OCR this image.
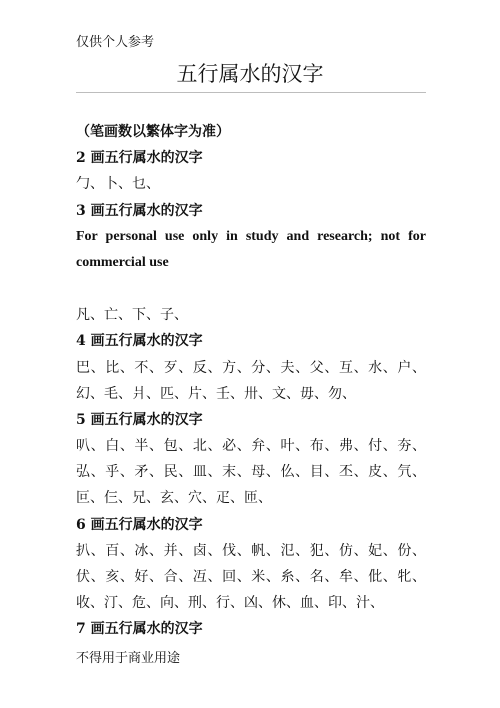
仅供个人参考
五行属水的汉字
（笔画数以繁体字为准）
2 画五行属水的汉字
勹、卜、乜、
3 画五行属水的汉字
For personal use only in study and research; not for
commercial use
凡、亡、下、子、
4 画五行属水的汉字
巴、比、不、歹、反、方、分、夫、父、互、水、户、
幻、毛、爿、匹、片、壬、卅、文、毋、勿、
5 画五行属水的汉字
叭、白、半、包、北、必、弁、叶、布、弗、付、夯、
弘、乎、矛、民、皿、末、母、仫、目、丕、皮、氕、
叵、仨、兄、玄、穴、疋、匝、
6 画五行属水的汉字
扒、百、冰、并、卤、伐、帆、氾、犯、仿、妃、份、
伏、亥、好、合、冱、回、米、糸、名、牟、仳、牝、
收、汀、危、向、刑、行、凶、休、血、印、汁、
7 画五行属水的汉字
不得用于商业用途
